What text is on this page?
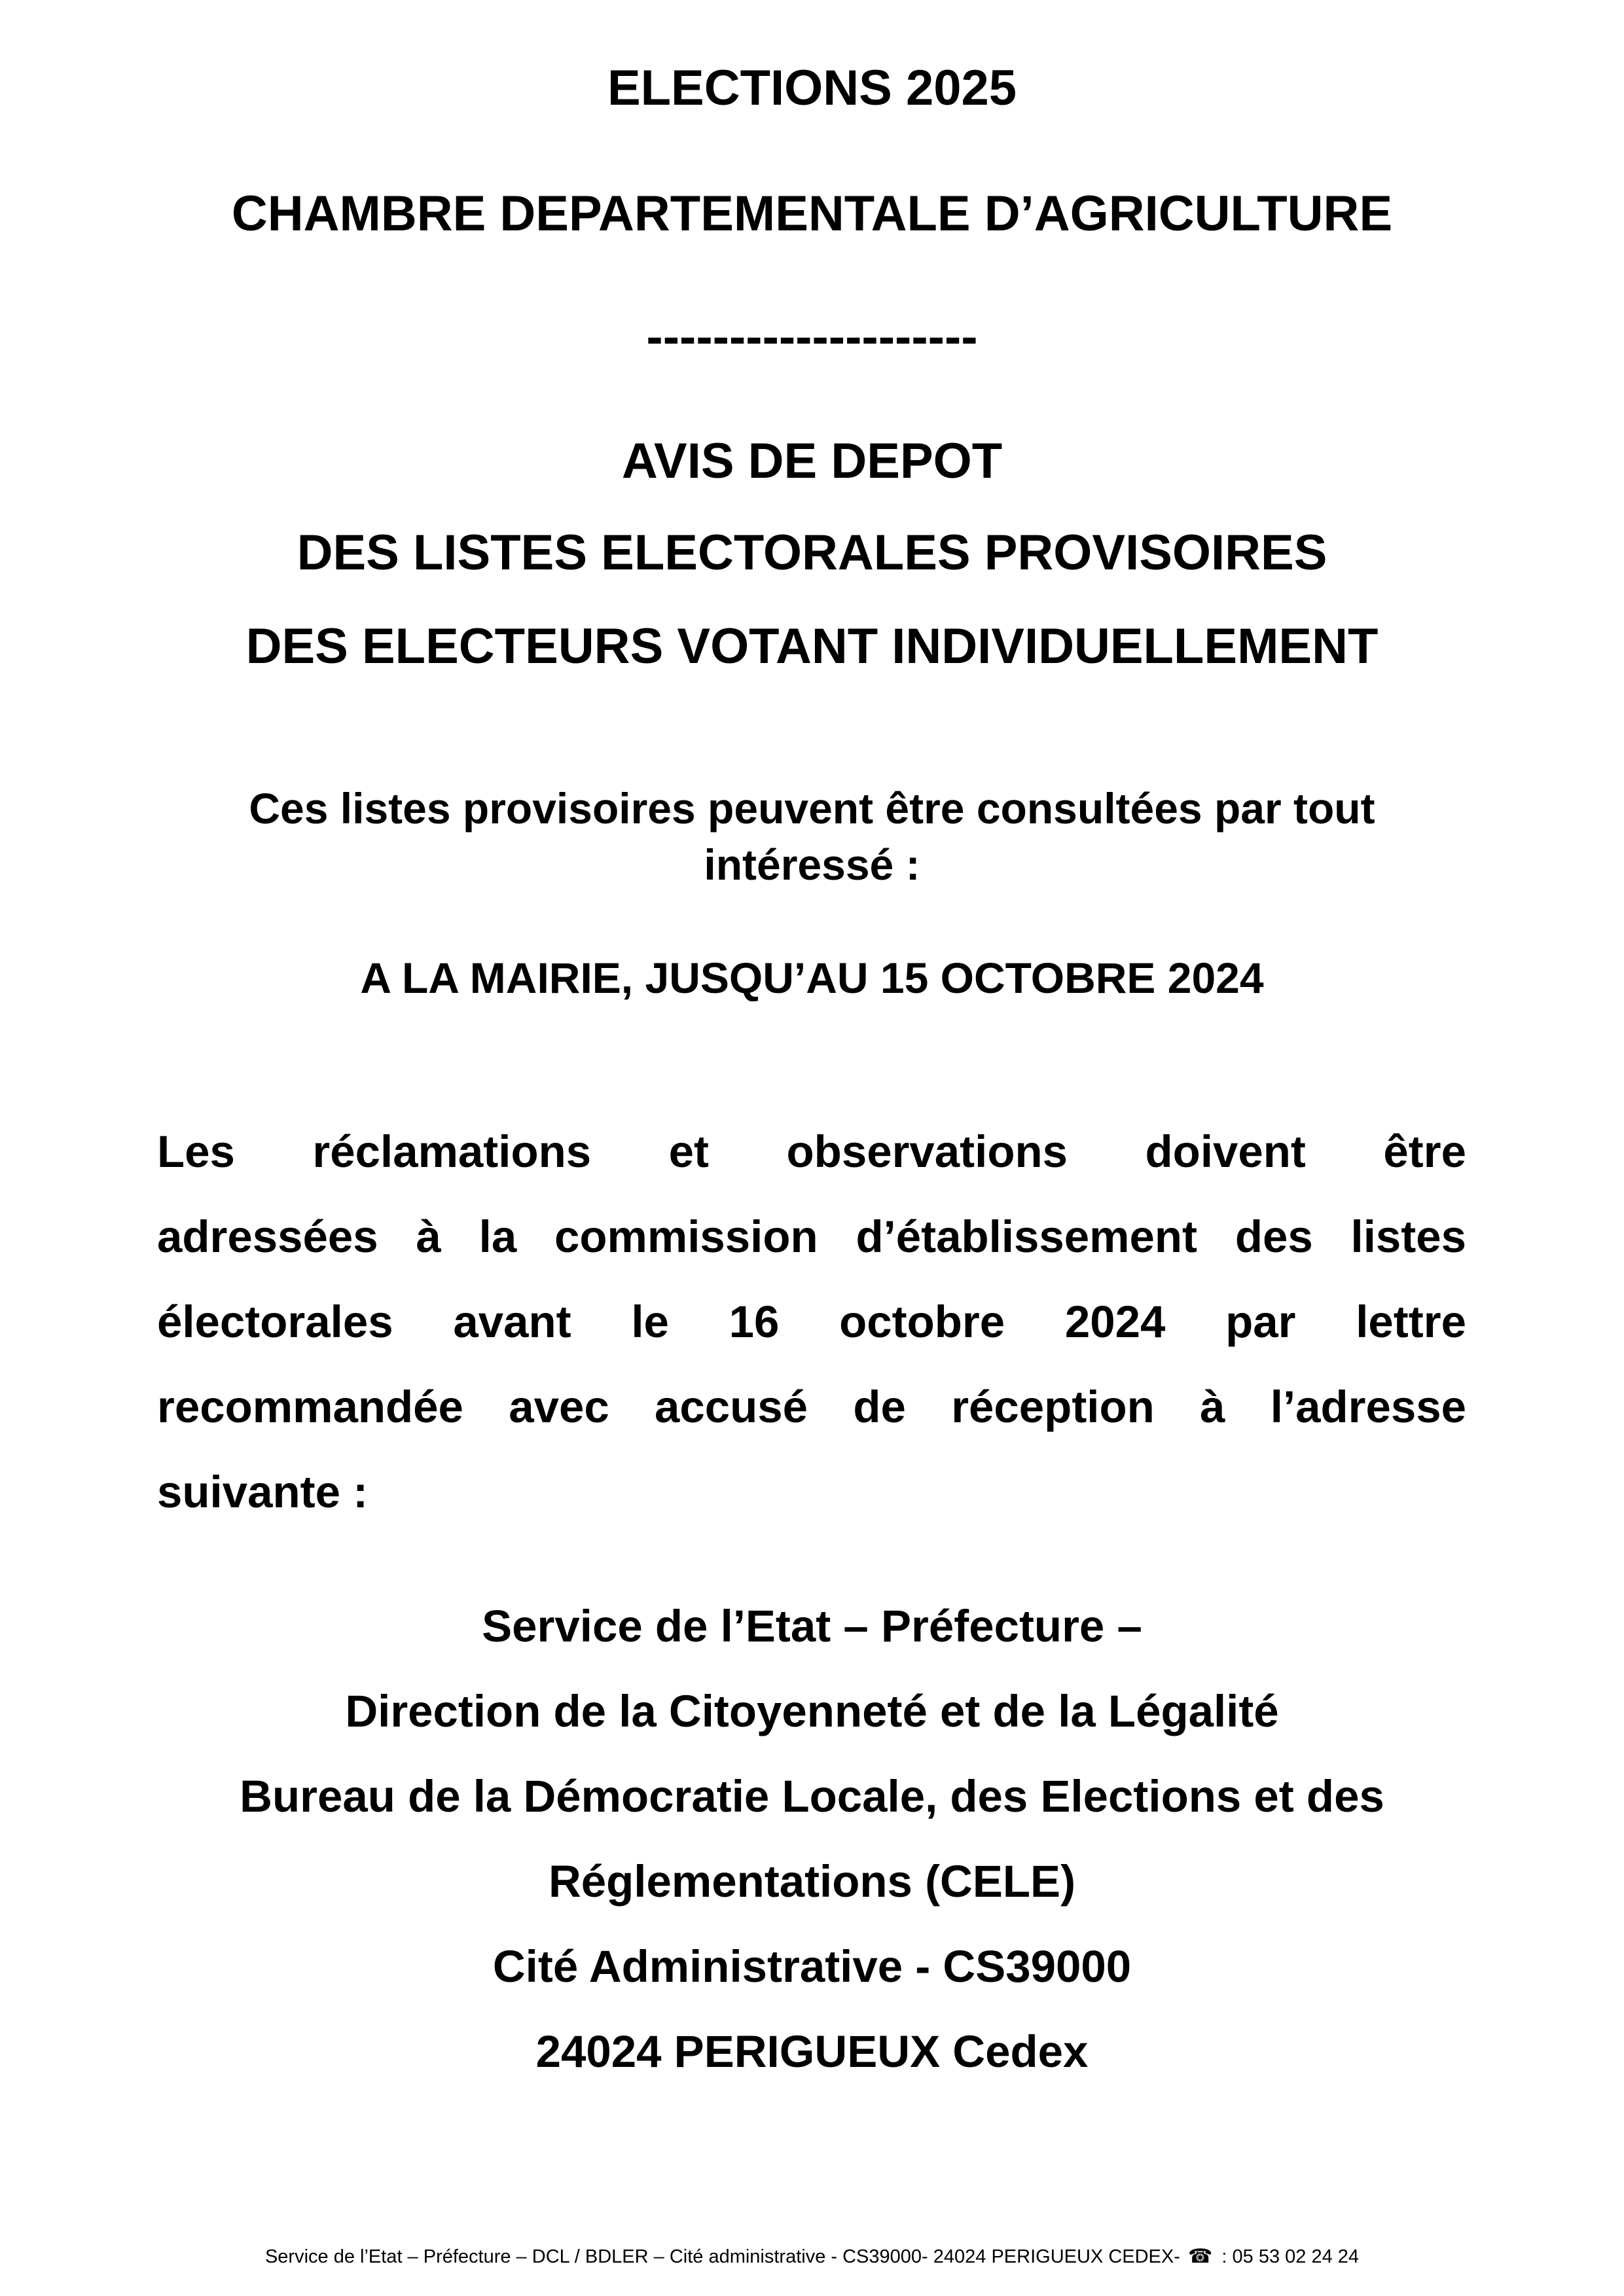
ELECTIONS 2025
CHAMBRE DEPARTEMENTALE D’AGRICULTURE
--------------------
AVIS DE DEPOT
DES LISTES ELECTORALES PROVISOIRES
DES ELECTEURS VOTANT INDIVIDUELLEMENT

Ces listes provisoires peuvent être consultées par tout
intéressé :

A LA MAIRIE, JUSQU’AU 15 OCTOBRE 2024
Les réclamations et observations doivent être
adressées à la commission d’établissement des listes
électorales avant le 16 octobre 2024 par lettre
recommandée avec accusé de réception à l’adresse
suivante :
Service de l’Etat – Préfecture –
Direction de la Citoyenneté et de la Légalité
Bureau de la Démocratie Locale, des Elections et des
Réglementations (CELE)
Cité Administrative - CS39000
24024 PERIGUEUX Cedex
Service de l’Etat – Préfecture – DCL / BDLER – Cité administrative - CS39000- 24024 PERIGUEUX CEDEX- ☎ : 05 53 02 24 24
